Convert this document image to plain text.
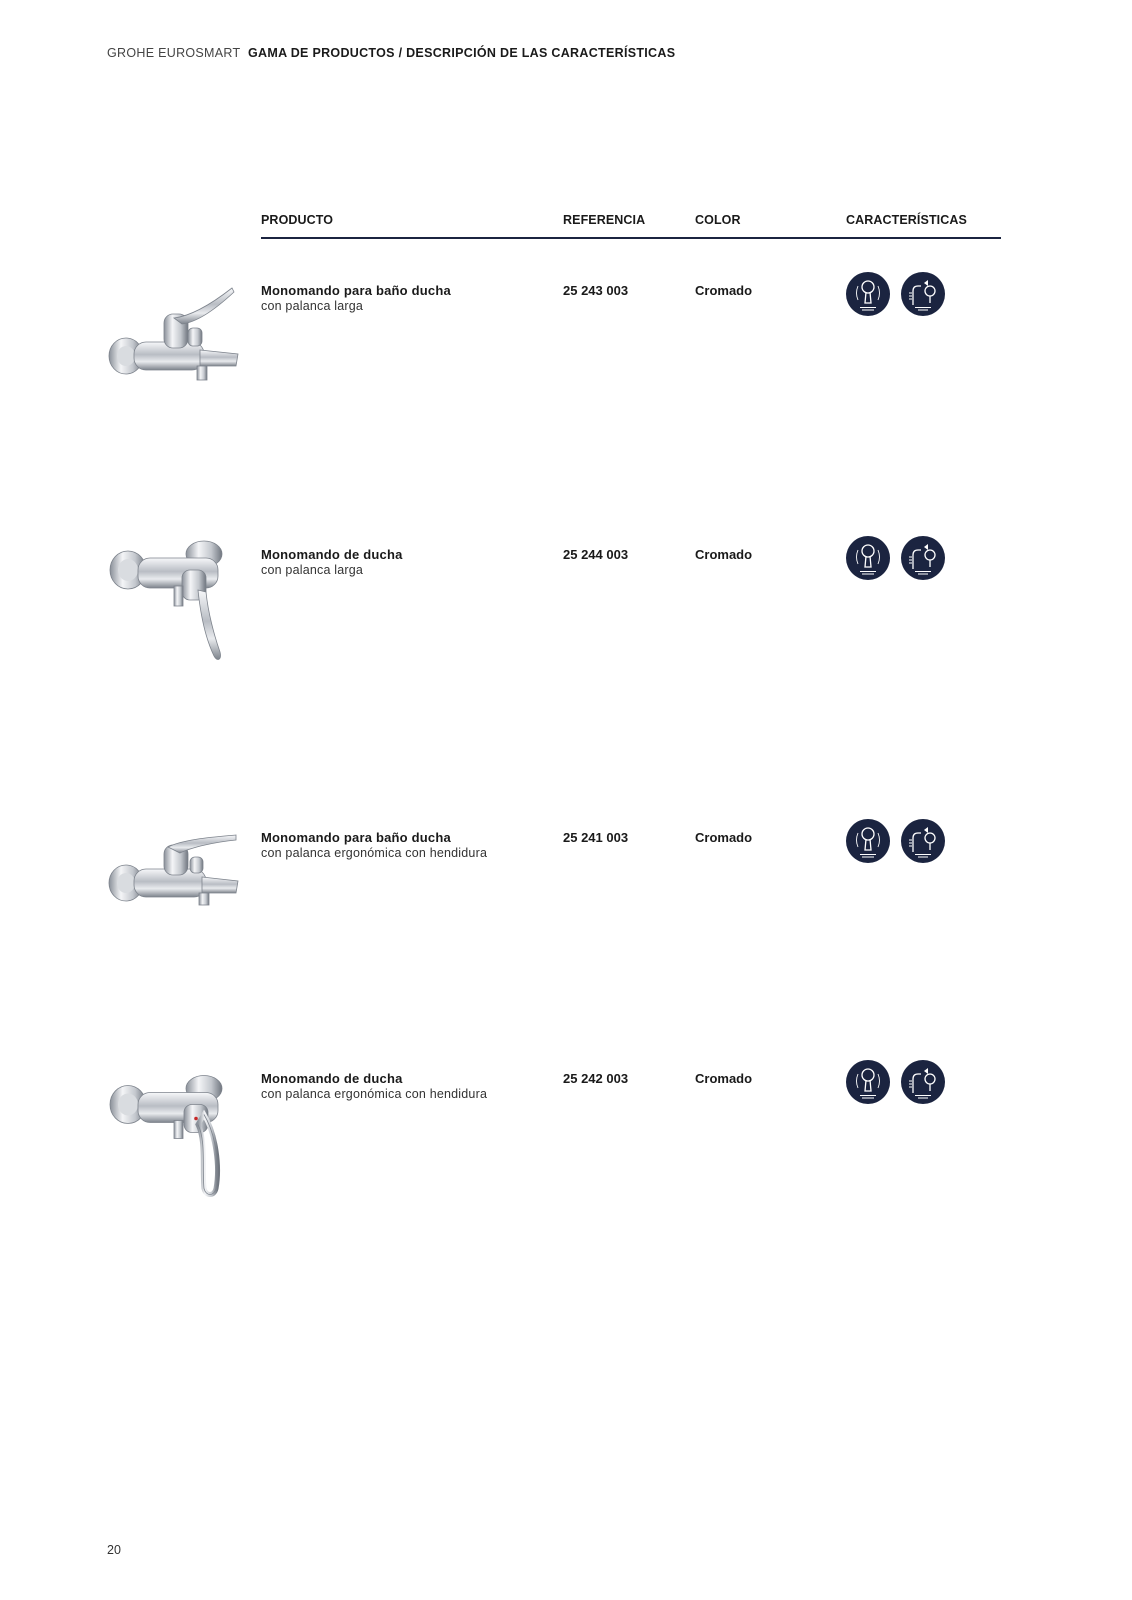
GROHE EUROSMART GAMA DE PRODUCTOS / DESCRIPCIÓN DE LAS CARACTERÍSTICAS
PRODUCTO	REFERENCIA	COLOR	CARACTERÍSTICAS
Monomando para baño ducha
con palanca larga
25 243 003	Cromado
Monomando de ducha
con palanca larga
25 244 003	Cromado
Monomando para baño ducha
con palanca ergonómica con hendidura
25 241 003	Cromado
Monomando de ducha
con palanca ergonómica con hendidura
25 242 003	Cromado
20
